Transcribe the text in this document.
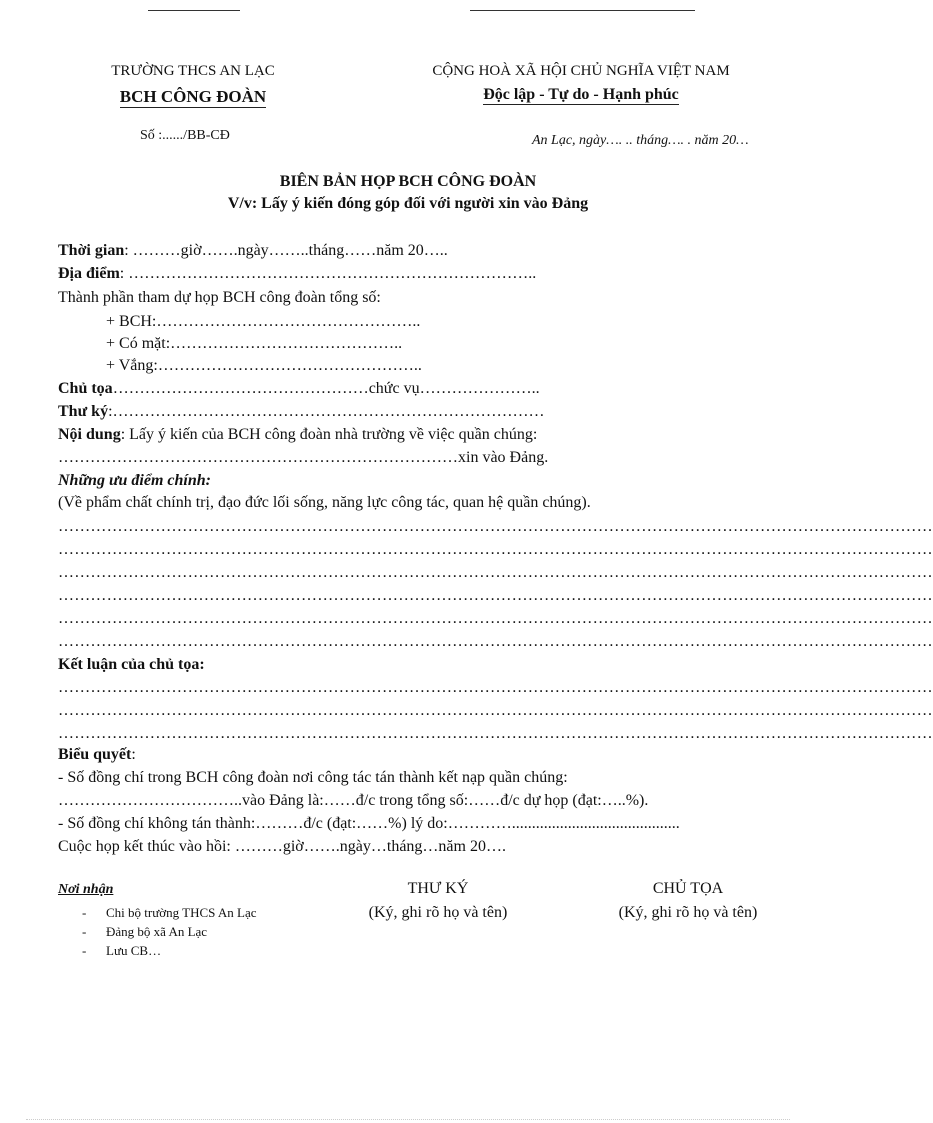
TRƯỜNG THCS AN LẠC
BCH CÔNG ĐOÀN
Số :....../BB-CĐ
CỘNG HOÀ XÃ HỘI CHỦ NGHĨA VIỆT NAM
Độc lập - Tự do - Hạnh phúc
An Lạc, ngày…. .. tháng…. . năm 20…
BIÊN BẢN HỌP BCH CÔNG ĐOÀN
V/v: Lấy ý kiến đóng góp đối với người xin vào Đảng
Thời gian: ………giờ…….ngày……..tháng……năm 20…..
Địa điểm: …………………………………………………………………..
Thành phần tham dự họp BCH công đoàn tổng số:
+ BCH:…………………………………………..
+ Có mặt:……………………………………..
+ Vắng:…………………………………………..
Chủ tọa…………………………………………chức vụ…………………..
Thư ký:………………………………………………………………………
Nội dung: Lấy ý kiến của BCH công đoàn nhà trường về việc quần chúng:
…………………………………………………………………xin vào Đảng.
Những ưu điểm chính:
(Về phẩm chất chính trị, đạo đức lối sống, năng lực công tác, quan hệ quần chúng).
………………………………………………………………………………………………………………………………………………
………………………………………………………………………………………………………………………………………………
………………………………………………………………………………………………………………………………………………
………………………………………………………………………………………………………………………………………………
………………………………………………………………………………………………………………………………………………
………………………………………………………………………………………………………………………………………………
Kết luận của chủ tọa:
………………………………………………………………………………………………………………………………………………
………………………………………………………………………………………………………………………………………………
………………………………………………………………………………………………………………………………………………
Biểu quyết:
- Số đồng chí trong BCH công đoàn nơi công tác tán thành kết nạp quần chúng:
……………………………..vào Đảng là:……đ/c trong tổng số:……đ/c dự họp (đạt:…..%).
- Số đồng chí không tán thành:………đ/c (đạt:……%) lý do:…………..........................................
Cuộc họp kết thúc vào hồi: ………giờ…….ngày…tháng…năm 20….
Nơi nhận
- Chi bộ trường THCS An Lạc
- Đảng bộ xã An Lạc
- Lưu CB…
THƯ KÝ
(Ký, ghi rõ họ và tên)
CHỦ TỌA
(Ký, ghi rõ họ và tên)
